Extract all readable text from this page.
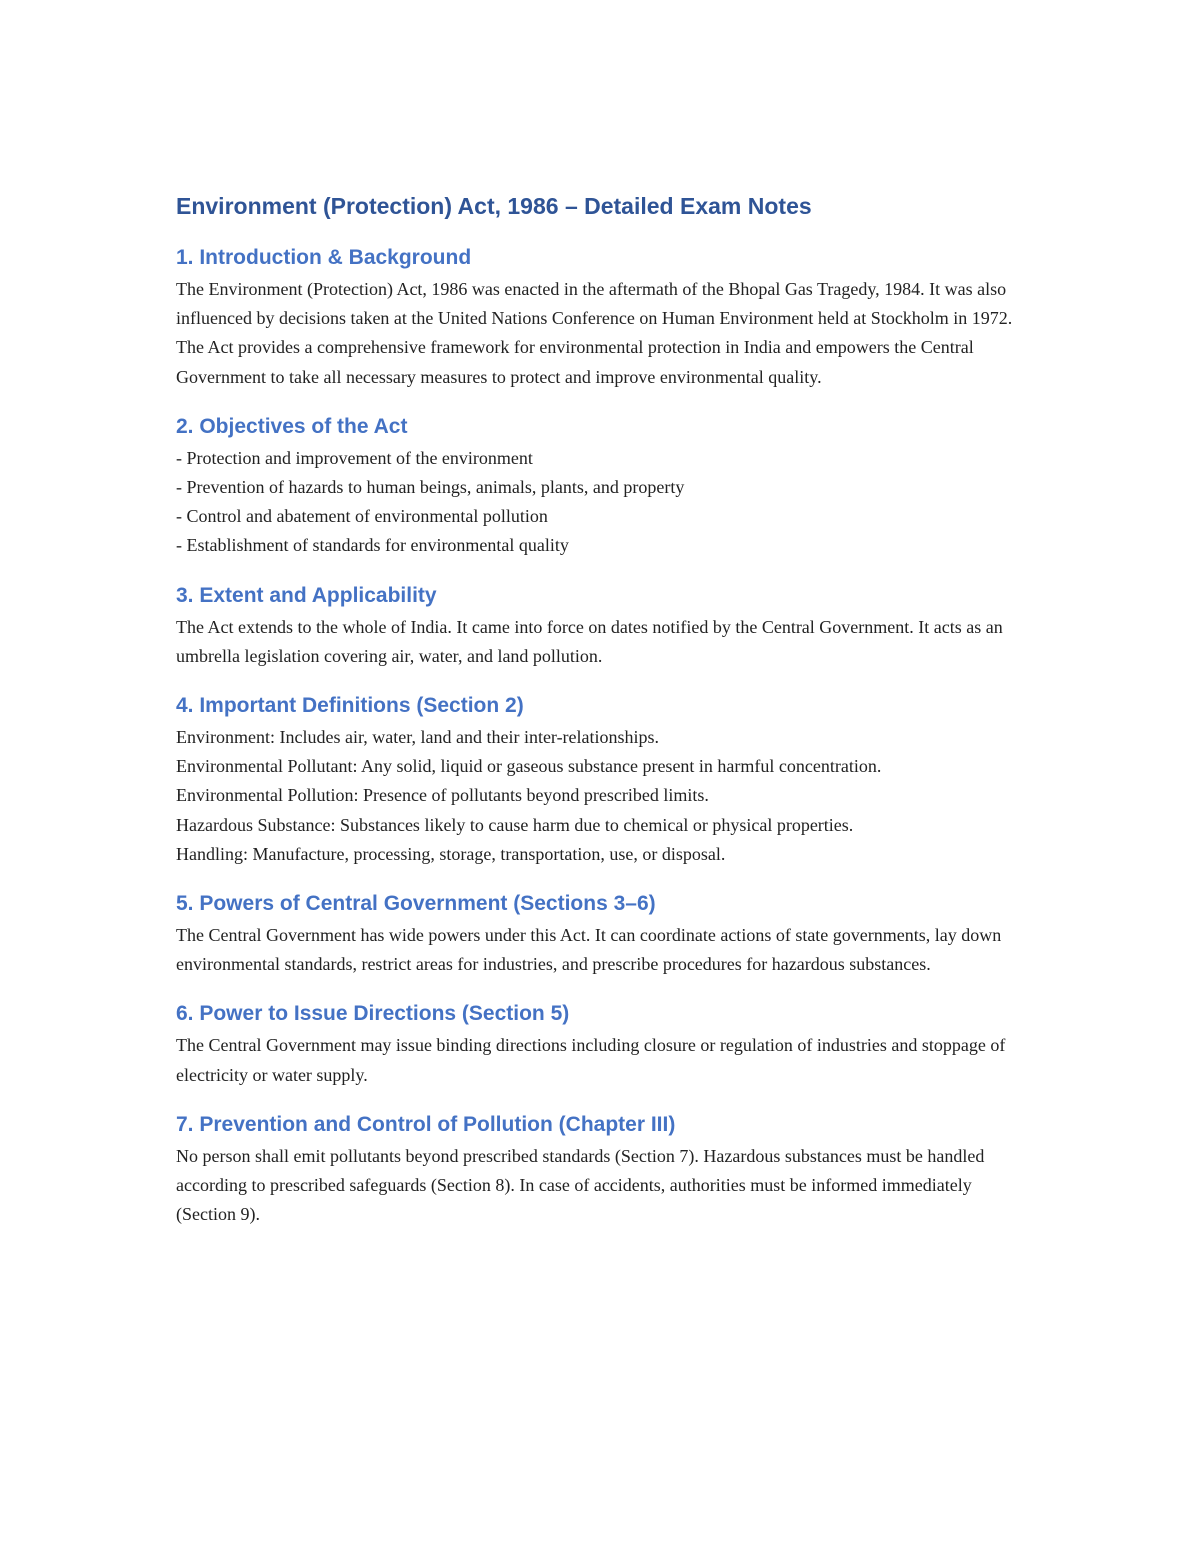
Environment (Protection) Act, 1986 – Detailed Exam Notes
1. Introduction & Background
The Environment (Protection) Act, 1986 was enacted in the aftermath of the Bhopal Gas Tragedy, 1984. It was also influenced by decisions taken at the United Nations Conference on Human Environment held at Stockholm in 1972. The Act provides a comprehensive framework for environmental protection in India and empowers the Central Government to take all necessary measures to protect and improve environmental quality.
2. Objectives of the Act
- Protection and improvement of the environment
- Prevention of hazards to human beings, animals, plants, and property
- Control and abatement of environmental pollution
- Establishment of standards for environmental quality
3. Extent and Applicability
The Act extends to the whole of India. It came into force on dates notified by the Central Government. It acts as an umbrella legislation covering air, water, and land pollution.
4. Important Definitions (Section 2)
Environment: Includes air, water, land and their inter-relationships.
Environmental Pollutant: Any solid, liquid or gaseous substance present in harmful concentration.
Environmental Pollution: Presence of pollutants beyond prescribed limits.
Hazardous Substance: Substances likely to cause harm due to chemical or physical properties.
Handling: Manufacture, processing, storage, transportation, use, or disposal.
5. Powers of Central Government (Sections 3–6)
The Central Government has wide powers under this Act. It can coordinate actions of state governments, lay down environmental standards, restrict areas for industries, and prescribe procedures for hazardous substances.
6. Power to Issue Directions (Section 5)
The Central Government may issue binding directions including closure or regulation of industries and stoppage of electricity or water supply.
7. Prevention and Control of Pollution (Chapter III)
No person shall emit pollutants beyond prescribed standards (Section 7). Hazardous substances must be handled according to prescribed safeguards (Section 8). In case of accidents, authorities must be informed immediately (Section 9).
